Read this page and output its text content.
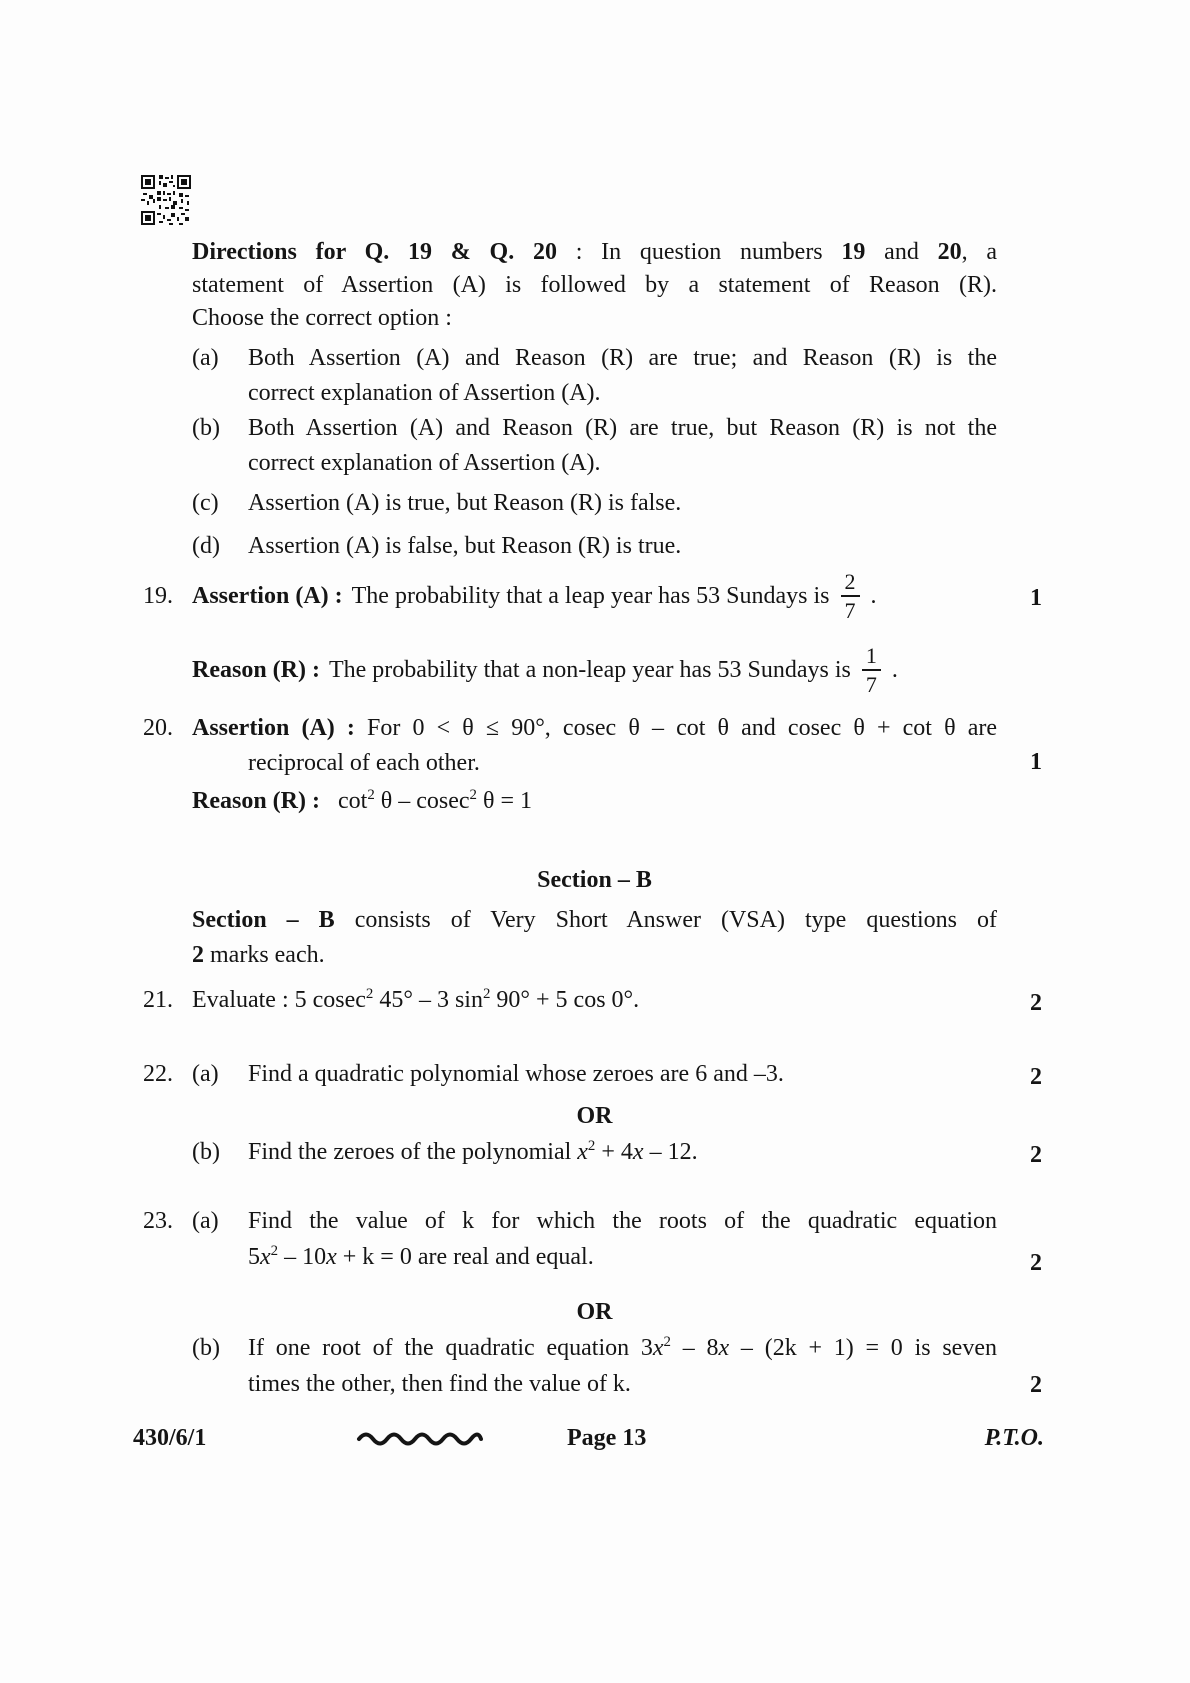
Directions for Q. 19 & Q. 20 : In question numbers 19 and 20, a
statement of Assertion (A) is followed by a statement of Reason (R).
Choose the correct option :
(a) Both Assertion (A) and Reason (R) are true; and Reason (R) is the
correct explanation of Assertion (A).
(b) Both Assertion (A) and Reason (R) are true, but Reason (R) is not the
correct explanation of Assertion (A).
(c) Assertion (A) is true, but Reason (R) is false.
(d) Assertion (A) is false, but Reason (R) is true.
19. Assertion (A) : The probability that a leap year has 53 Sundays is $\frac{2}{7}$ .	1
Reason (R) : The probability that a non-leap year has 53 Sundays is $\frac{1}{7}$ .
20. Assertion (A) : For 0 < θ ≤ 90°, cosec θ – cot θ and cosec θ + cot θ are
reciprocal of each other.
Reason (R) :   $\cot^2 \theta - cosec^2$ θ = 1
1
Section – B
Section – B consists of Very Short Answer (VSA) type questions of
2 marks each.
21. Evaluate : 5 cosec$^2$ 45° – 3 $\sin^2 90^\circ + 5$ cos 0°.	2
22. (a) Find a quadratic polynomial whose zeroes are 6 and –3.	2
OR
(b) Find the zeroes of the polynomial $x^2 + 4x - 12$.	2
23. (a) Find the value of k for which the roots of the quadratic equation
$5x^2 - 10x + k = 0$ are real and equal.	2
OR
(b) If one root of the quadratic equation $3x^2 - 8x - (2k + 1) = 0$ is seven
times the other, then find the value of k.	2
430/6/1	Page 13	P.T.O.
